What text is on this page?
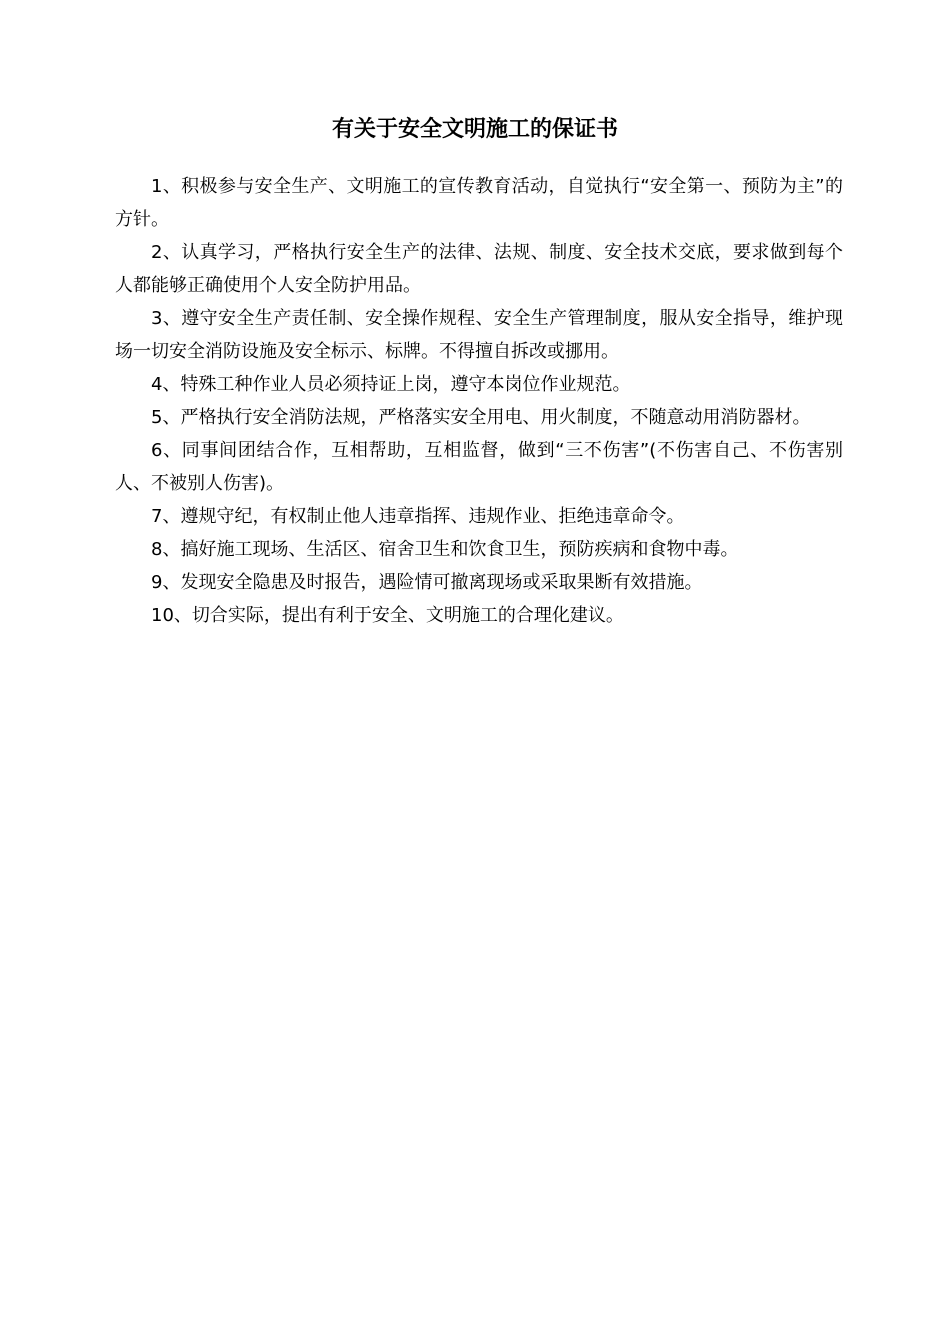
有关于安全文明施工的保证书

1、积极参与安全生产、文明施工的宣传教育活动，自觉执行“安全第一、预防为主”的方针。

2、认真学习，严格执行安全生产的法律、法规、制度、安全技术交底，要求做到每个人都能够正确使用个人安全防护用品。

3、遵守安全生产责任制、安全操作规程、安全生产管理制度，服从安全指导，维护现场一切安全消防设施及安全标示、标牌。不得擅自拆改或挪用。

4、特殊工种作业人员必须持证上岗，遵守本岗位作业规范。

5、严格执行安全消防法规，严格落实安全用电、用火制度，不随意动用消防器材。

6、同事间团结合作，互相帮助，互相监督，做到“三不伤害”(不伤害自己、不伤害别人、不被别人伤害)。

7、遵规守纪，有权制止他人违章指挥、违规作业、拒绝违章命令。

8、搞好施工现场、生活区、宿舍卫生和饮食卫生，预防疾病和食物中毒。

9、发现安全隐患及时报告，遇险情可撤离现场或采取果断有效措施。

10、切合实际，提出有利于安全、文明施工的合理化建议。
